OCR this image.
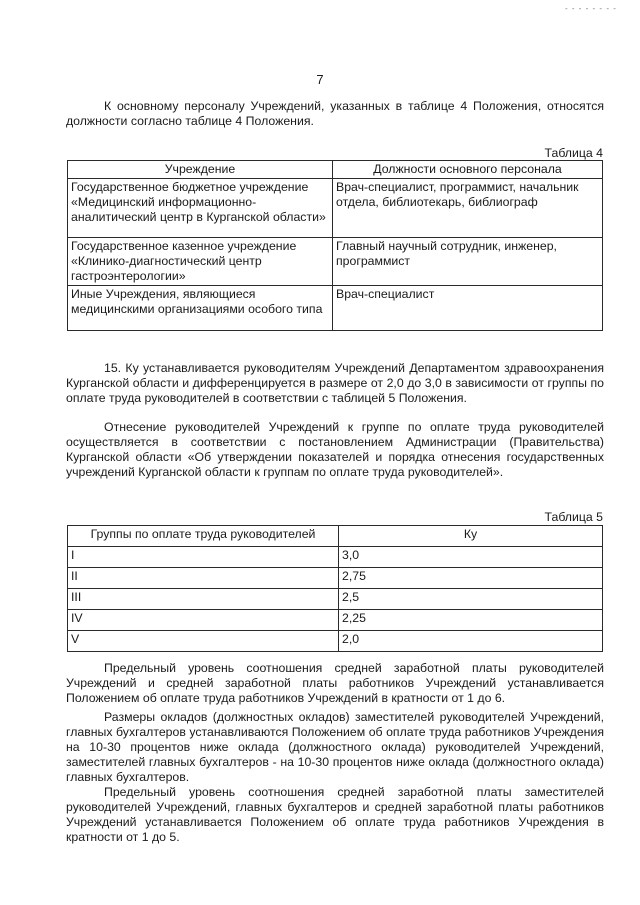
- - - - - - - -
7

К основному персоналу Учреждений, указанных в таблице 4 Положения, относятся должности согласно таблице 4 Положения.

Таблица 4
Учреждение	Должности основного персонала
Государственное бюджетное учреждение «Медицинский информационно-аналитический центр в Курганской области»	Врач-специалист, программист, начальник отдела, библиотекарь, библиограф
Государственное казенное учреждение «Клинико-диагностический центр гастроэнтерологии»	Главный научный сотрудник, инженер, программист
Иные Учреждения, являющиеся медицинскими организациями особого типа	Врач-специалист

15. Ку устанавливается руководителям Учреждений Департаментом здравоохранения Курганской области и дифференцируется в размере от 2,0 до 3,0 в зависимости от группы по оплате труда руководителей в соответствии с таблицей 5 Положения.

Отнесение руководителей Учреждений к группе по оплате труда руководителей осуществляется в соответствии с постановлением Администрации (Правительства) Курганской области «Об утверждении показателей и порядка отнесения государственных учреждений Курганской области к группам по оплате труда руководителей».

Таблица 5
Группы по оплате труда руководителей	Ку
I	3,0
II	2,75
III	2,5
IV	2,25
V	2,0

Предельный уровень соотношения средней заработной платы руководителей Учреждений и средней заработной платы работников Учреждений устанавливается Положением об оплате труда работников Учреждений в кратности от 1 до 6.

Размеры окладов (должностных окладов) заместителей руководителей Учреждений, главных бухгалтеров устанавливаются Положением об оплате труда работников Учреждения на 10-30 процентов ниже оклада (должностного оклада) руководителей Учреждений, заместителей главных бухгалтеров - на 10-30 процентов ниже оклада (должностного оклада) главных бухгалтеров.

Предельный уровень соотношения средней заработной платы заместителей руководителей Учреждений, главных бухгалтеров и средней заработной платы работников Учреждений устанавливается Положением об оплате труда работников Учреждения в кратности от 1 до 5.
